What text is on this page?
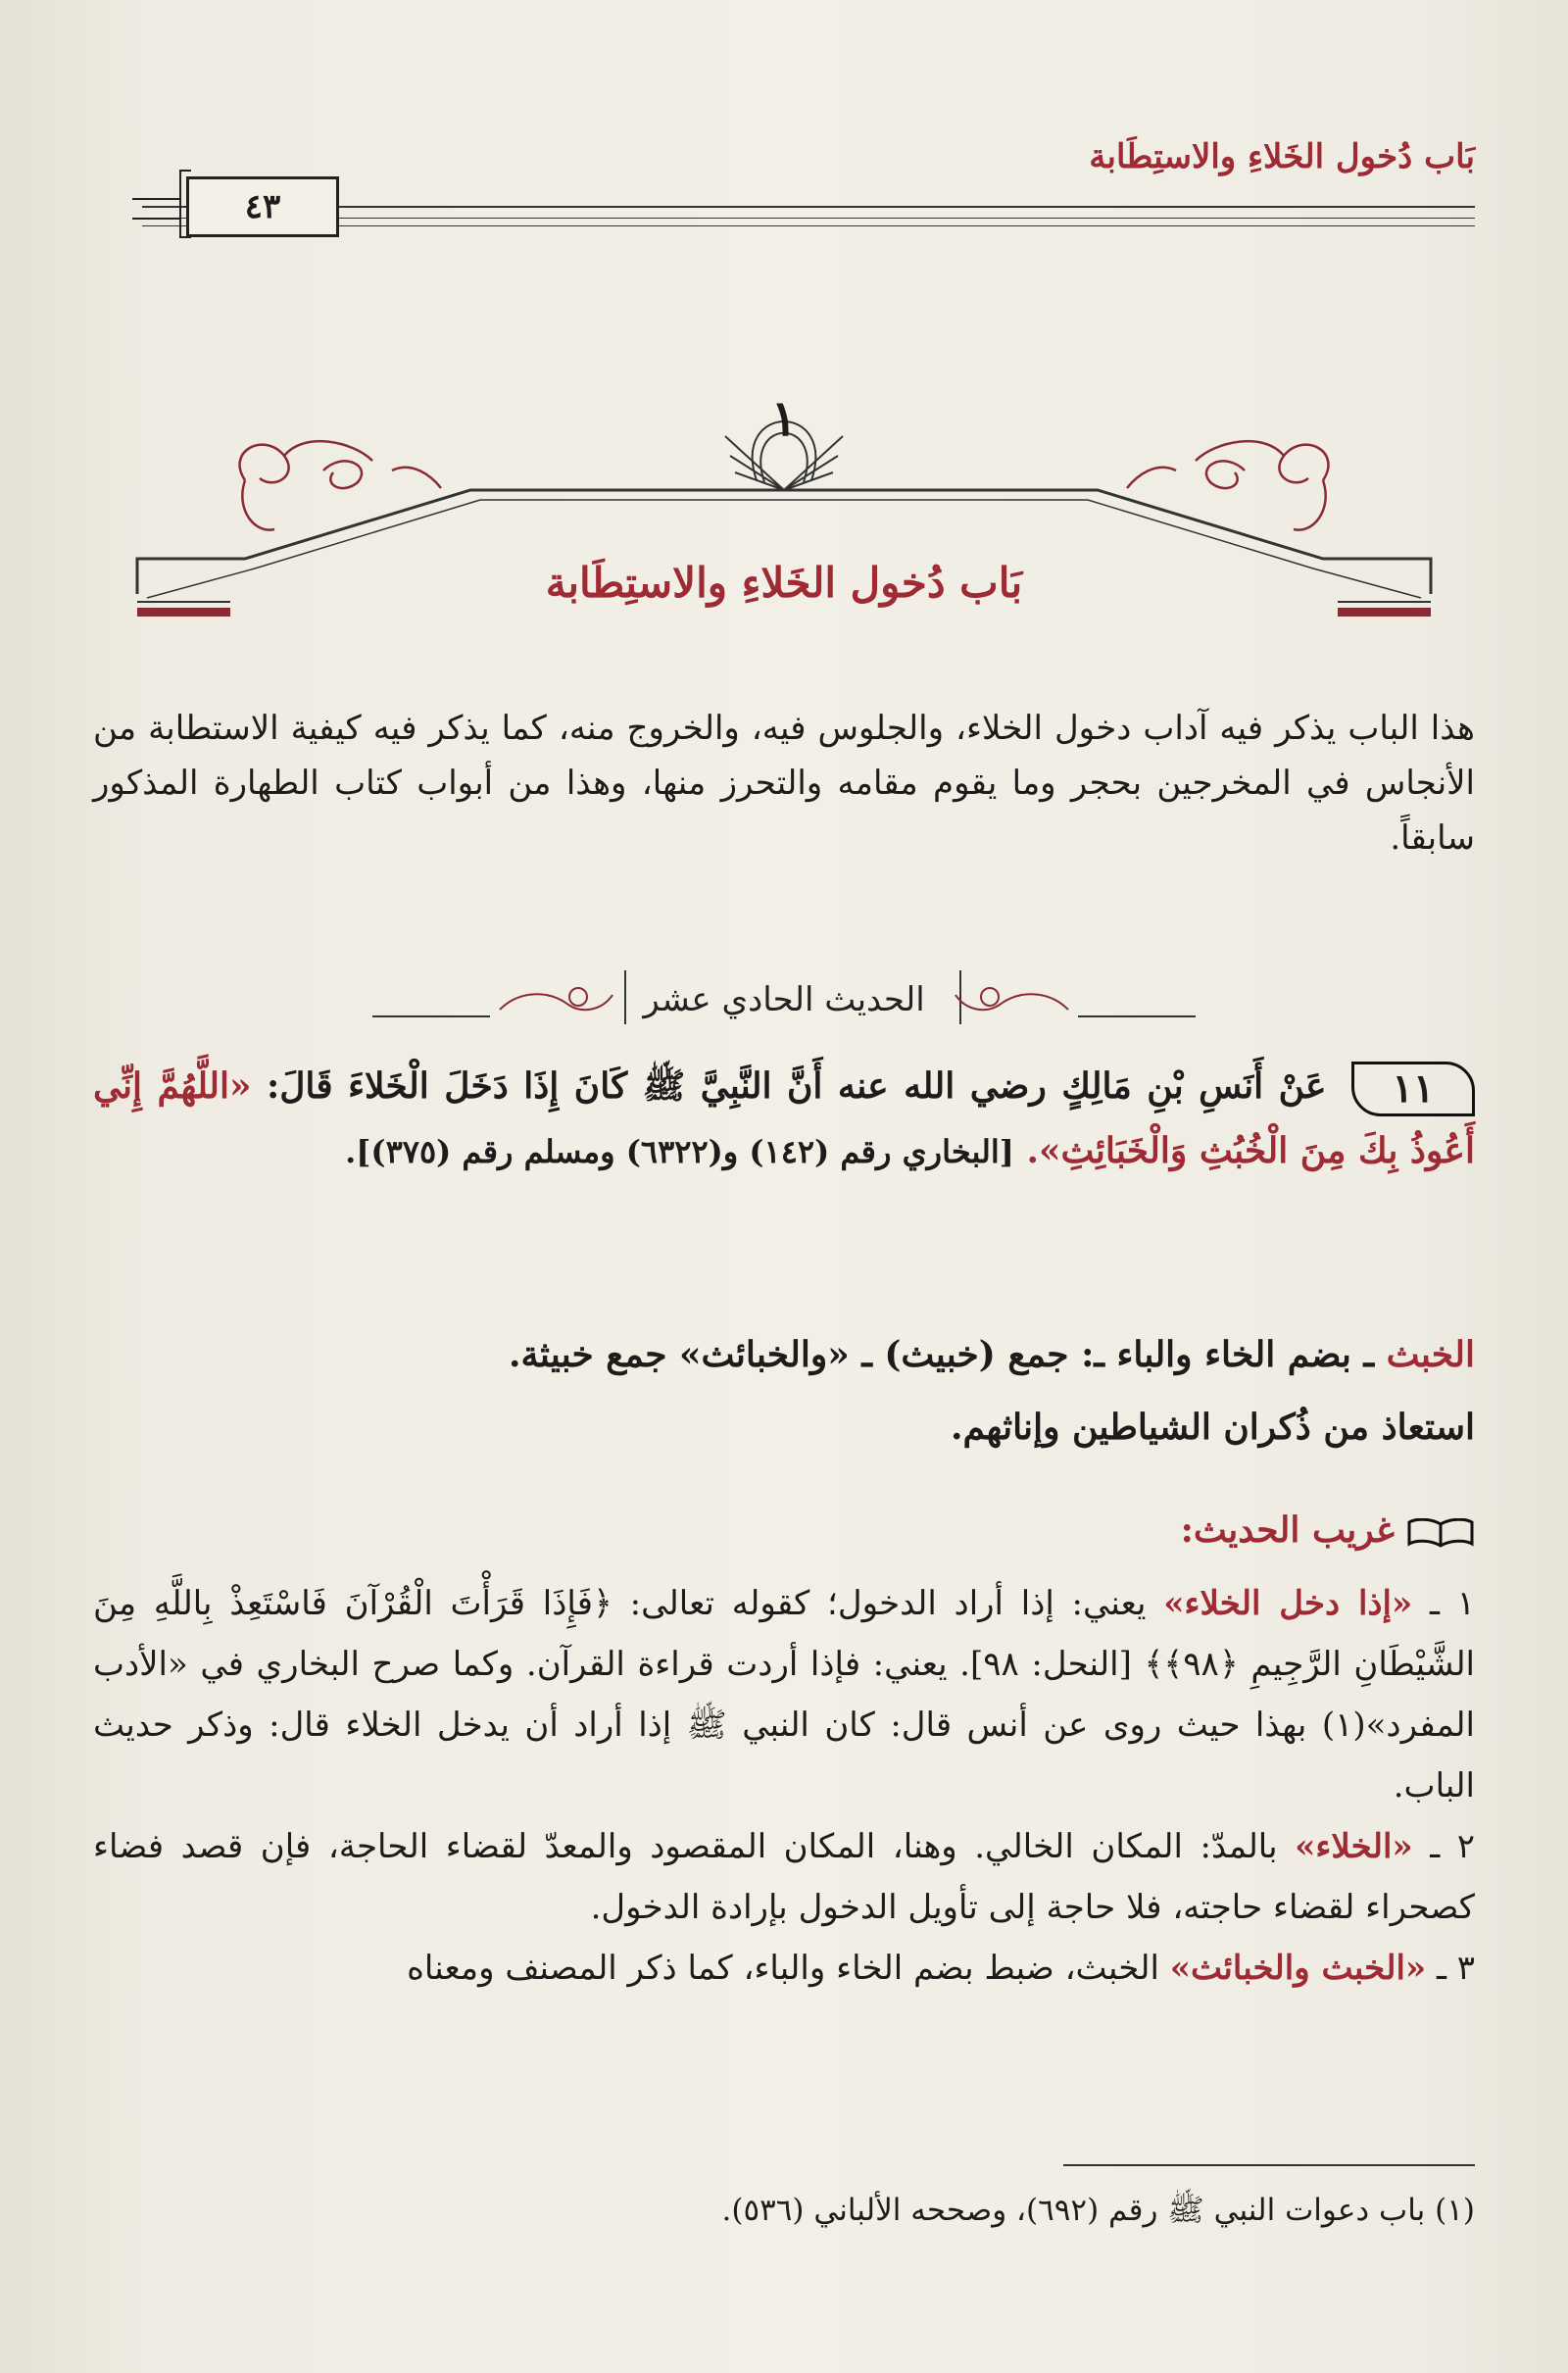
بَاب دُخول الخَلاءِ والاستِطَابة
٤٣
١
بَاب دُخول الخَلاءِ والاستِطَابة
هذا الباب يذكر فيه آداب دخول الخلاء، والجلوس فيه، والخروج منه، كما يذكر فيه كيفية الاستطابة من الأنجاس في المخرجين بحجر وما يقوم مقامه والتحرز منها، وهذا من أبواب كتاب الطهارة المذكور سابقاً.
الحديث الحادي عشر
١١ عَنْ أَنَسِ بْنِ مَالِكٍ رضي الله عنه أَنَّ النَّبِيَّ ﷺ كَانَ إِذَا دَخَلَ الْخَلاءَ قَالَ: «اللَّهُمَّ إِنِّي أَعُوذُ بِكَ مِنَ الْخُبُثِ وَالْخَبَائِثِ». [البخاري رقم (١٤٢) و(٦٣٢٢) ومسلم رقم (٣٧٥)].
الخبث ـ بضم الخاء والباء ـ: جمع (خبيث) ـ «والخبائث» جمع خبيثة.
استعاذ من ذُكران الشياطين وإناثهم.
غريب الحديث:

١ ـ «إذا دخل الخلاء» يعني: إذا أراد الدخول؛ كقوله تعالى: ﴿فَإِذَا قَرَأْتَ الْقُرْآنَ فَاسْتَعِذْ بِاللَّهِ مِنَ الشَّيْطَانِ الرَّجِيمِ ﴿٩٨﴾﴾ [النحل: ٩٨]. يعني: فإذا أردت قراءة القرآن. وكما صرح البخاري في «الأدب المفرد»(١) بهذا حيث روى عن أنس قال: كان النبي ﷺ إذا أراد أن يدخل الخلاء قال: وذكر حديث الباب.

٢ ـ «الخلاء» بالمدّ: المكان الخالي. وهنا، المكان المقصود والمعدّ لقضاء الحاجة، فإن قصد فضاء كصحراء لقضاء حاجته، فلا حاجة إلى تأويل الدخول بإرادة الدخول.

٣ ـ «الخبث والخبائث» الخبث، ضبط بضم الخاء والباء، كما ذكر المصنف ومعناه

(١) باب دعوات النبي ﷺ رقم (٦٩٢)، وصححه الألباني (٥٣٦).
